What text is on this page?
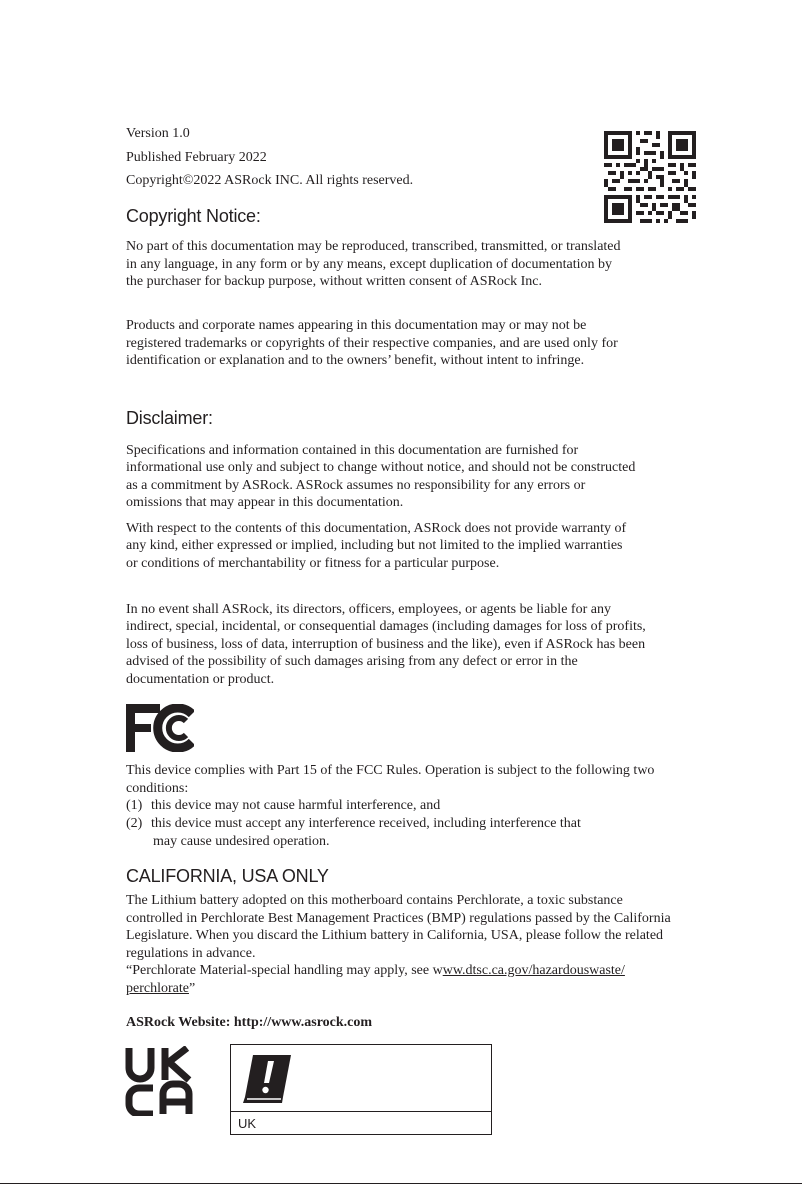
Version 1.0
Published February 2022
Copyright©2022 ASRock INC. All rights reserved.
Copyright Notice:

No part of this documentation may be reproduced, transcribed, transmitted, or translated in any language, in any form or by any means, except duplication of documentation by the purchaser for backup purpose, without written consent of ASRock Inc.

Products and corporate names appearing in this documentation may or may not be registered trademarks or copyrights of their respective companies, and are used only for identification or explanation and to the owners’ benefit, without intent to infringe.

Disclaimer:

Specifications and information contained in this documentation are furnished for informational use only and subject to change without notice, and should not be constructed as a commitment by ASRock. ASRock assumes no responsibility for any errors or omissions that may appear in this documentation.

With respect to the contents of this documentation, ASRock does not provide warranty of any kind, either expressed or implied, including but not limited to the implied warranties or conditions of merchantability or fitness for a particular purpose.

In no event shall ASRock, its directors, officers, employees, or agents be liable for any indirect, special, incidental, or consequential damages (including damages for loss of profits, loss of business, loss of data, interruption of business and the like), even if ASRock has been advised of the possibility of such damages arising from any defect or error in the documentation or product.

This device complies with Part 15 of the FCC Rules. Operation is subject to the following two conditions:

(1) this device may not cause harmful interference, and
(2) this device must accept any interference received, including interference that
may cause undesired operation.
CALIFORNIA, USA ONLY

The Lithium battery adopted on this motherboard contains Perchlorate, a toxic substance controlled in Perchlorate Best Management Practices (BMP) regulations passed by the California Legislature. When you discard the Lithium battery in California, USA, please follow the related regulations in advance.

“Perchlorate Material-special handling may apply, see www.dtsc.ca.gov/hazardouswaste/
perchlorate”
ASRock Website: http://www.asrock.com
UK
